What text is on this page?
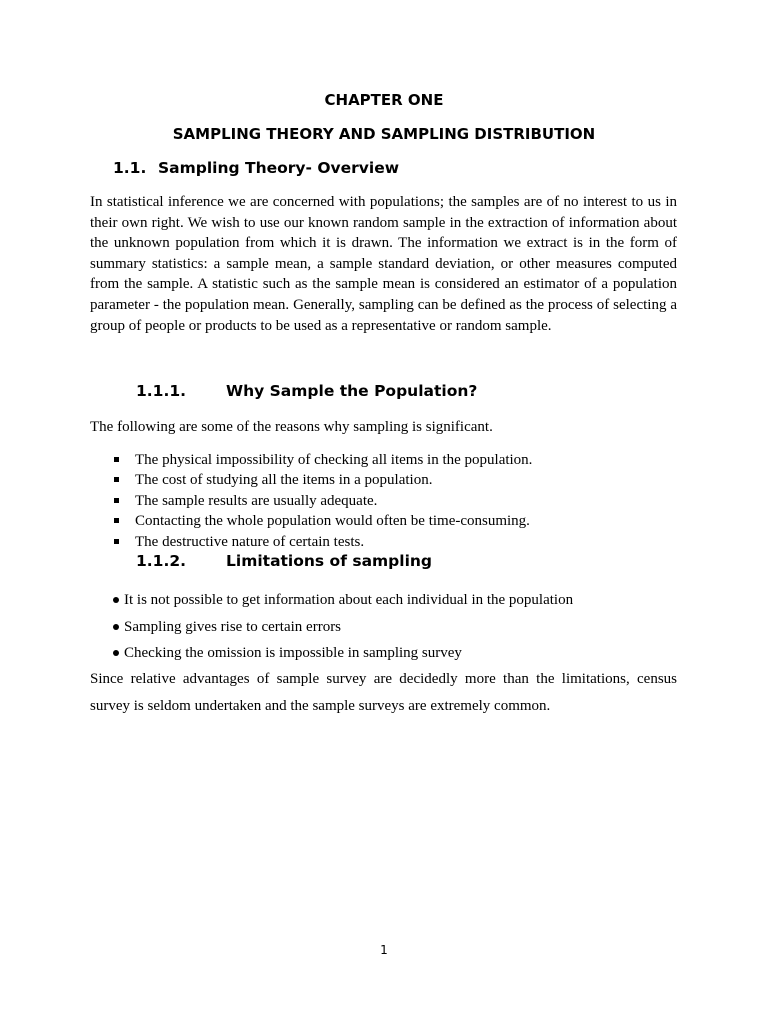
CHAPTER ONE
SAMPLING THEORY AND SAMPLING DISTRIBUTION
1.1. Sampling Theory- Overview

In statistical inference we are concerned with populations; the samples are of no interest to us in their own right. We wish to use our known random sample in the extraction of information about the unknown population from which it is drawn. The information we extract is in the form of summary statistics: a sample mean, a sample standard deviation, or other measures computed from the sample. A statistic such as the sample mean is considered an estimator of a population parameter - the population mean. Generally, sampling can be defined as the process of selecting a group of people or products to be used as a representative or random sample.

1.1.1.	Why Sample the Population?

The following are some of the reasons why sampling is significant.

The physical impossibility of checking all items in the population.
The cost of studying all the items in a population.
The sample results are usually adequate.
Contacting the whole population would often be time-consuming.
The destructive nature of certain tests.
1.1.2.	Limitations of sampling
It is not possible to get information about each individual in the population
Sampling gives rise to certain errors
Checking the omission is impossible in sampling survey

Since relative advantages of sample survey are decidedly more than the limitations, census survey is seldom undertaken and the sample surveys are extremely common.

1
